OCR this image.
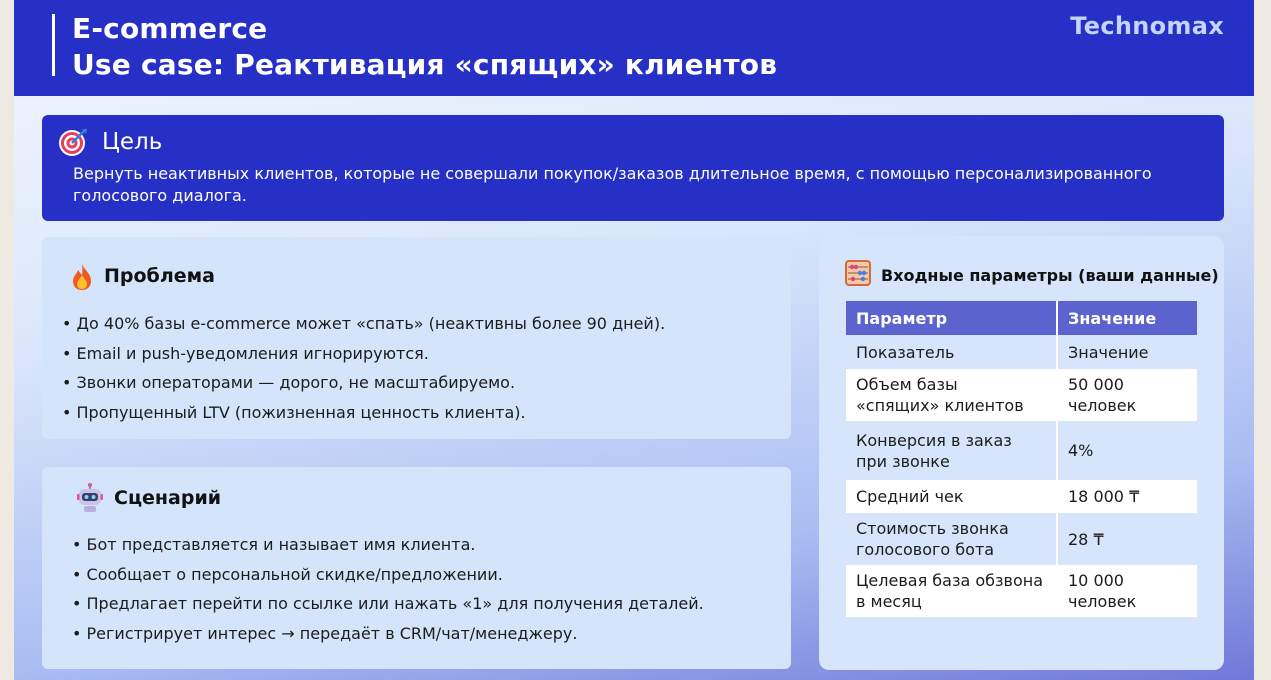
E-commerce
Use case: Реактивация «спящих» клиентов
Technomax
Цель
Вернуть неактивных клиентов, которые не совершали покупок/заказов длительное время, с помощью персонализированного голосового диалога.
Проблема
• До 40% базы e-commerce может «спать» (неактивны более 90 дней).
• Email и push-уведомления игнорируются.
• Звонки операторами — дорого, не масштабируемо.
• Пропущенный LTV (пожизненная ценность клиента).
Сценарий
• Бот представляется и называет имя клиента.
• Сообщает о персональной скидке/предложении.
• Предлагает перейти по ссылке или нажать «1» для получения деталей.
• Регистрирует интерес → передаёт в CRM/чат/менеджеру.
Входные параметры (ваши данные)
Параметр	Значение
Показатель	Значение
Объем базы «спящих» клиентов	50 000 человек
Конверсия в заказ при звонке	4%
Средний чек	18 000 ₸
Стоимость звонка голосового бота	28 ₸
Целевая база обзвона в месяц	10 000 человек
